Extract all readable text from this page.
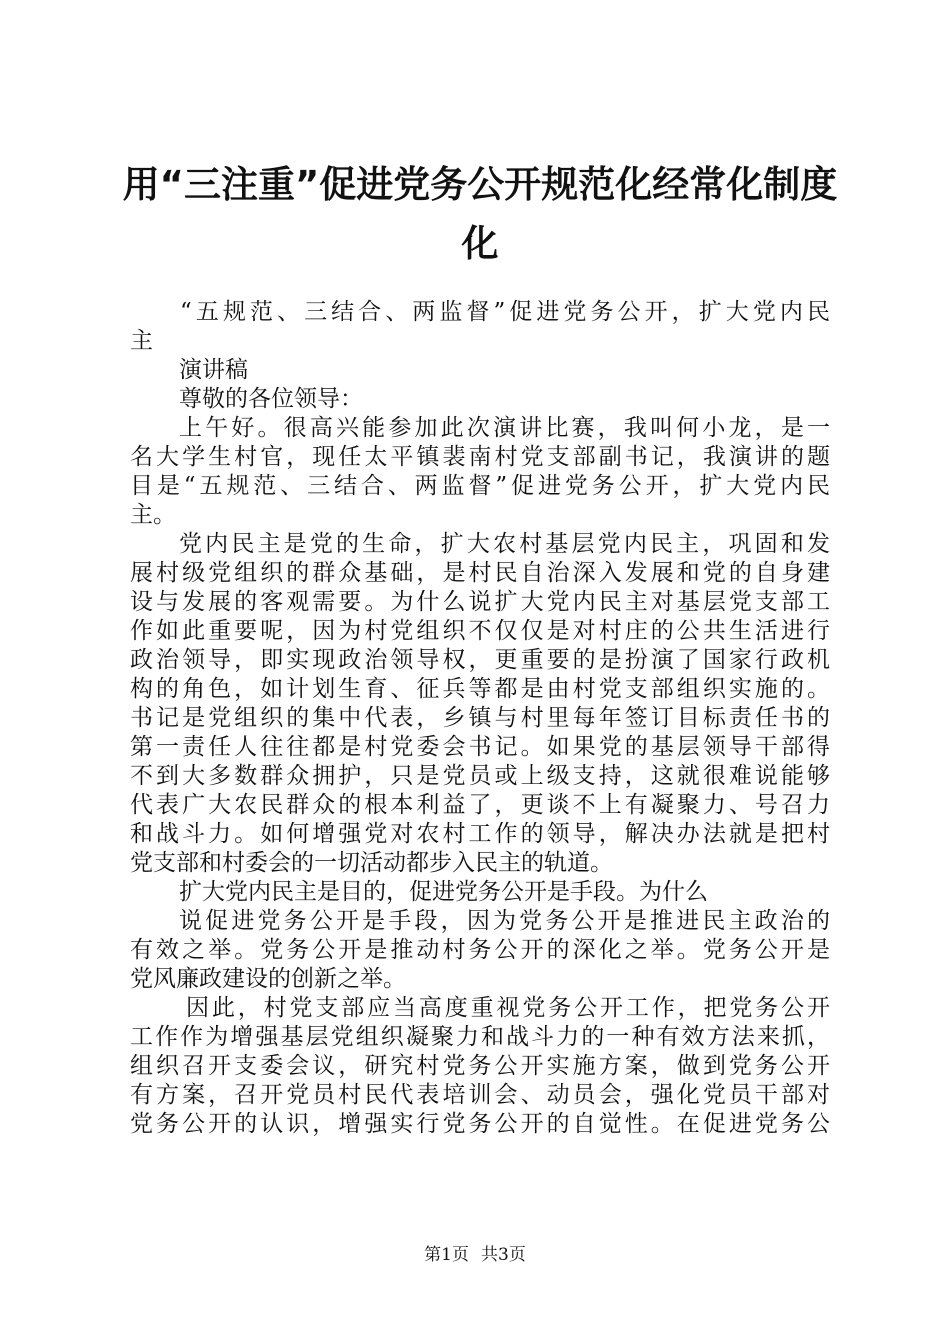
用“三注重”促进党务公开规范化经常化制度
化
“五规范、三结合、两监督”促进党务公开，扩大党内民
主
演讲稿
尊敬的各位领导：
上午好。很高兴能参加此次演讲比赛，我叫何小龙，是一
名大学生村官，现任太平镇裴南村党支部副书记，我演讲的题
目是“五规范、三结合、两监督”促进党务公开，扩大党内民
主。
党内民主是党的生命，扩大农村基层党内民主，巩固和发
展村级党组织的群众基础，是村民自治深入发展和党的自身建
设与发展的客观需要。为什么说扩大党内民主对基层党支部工
作如此重要呢，因为村党组织不仅仅是对村庄的公共生活进行
政治领导，即实现政治领导权，更重要的是扮演了国家行政机
构的角色，如计划生育、征兵等都是由村党支部组织实施的。
书记是党组织的集中代表，乡镇与村里每年签订目标责任书的
第一责任人往往都是村党委会书记。如果党的基层领导干部得
不到大多数群众拥护，只是党员或上级支持，这就很难说能够
代表广大农民群众的根本利益了，更谈不上有凝聚力、号召力
和战斗力。如何增强党对农村工作的领导，解决办法就是把村
党支部和村委会的一切活动都步入民主的轨道。
扩大党内民主是目的，促进党务公开是手段。为什么
说促进党务公开是手段，因为党务公开是推进民主政治的
有效之举。党务公开是推动村务公开的深化之举。党务公开是
党风廉政建设的创新之举。
因此，村党支部应当高度重视党务公开工作，把党务公开
工作作为增强基层党组织凝聚力和战斗力的一种有效方法来抓，
组织召开支委会议，研究村党务公开实施方案，做到党务公开
有方案，召开党员村民代表培训会、动员会，强化党员干部对
党务公开的认识，增强实行党务公开的自觉性。在促进党务公
第1页 共3页
